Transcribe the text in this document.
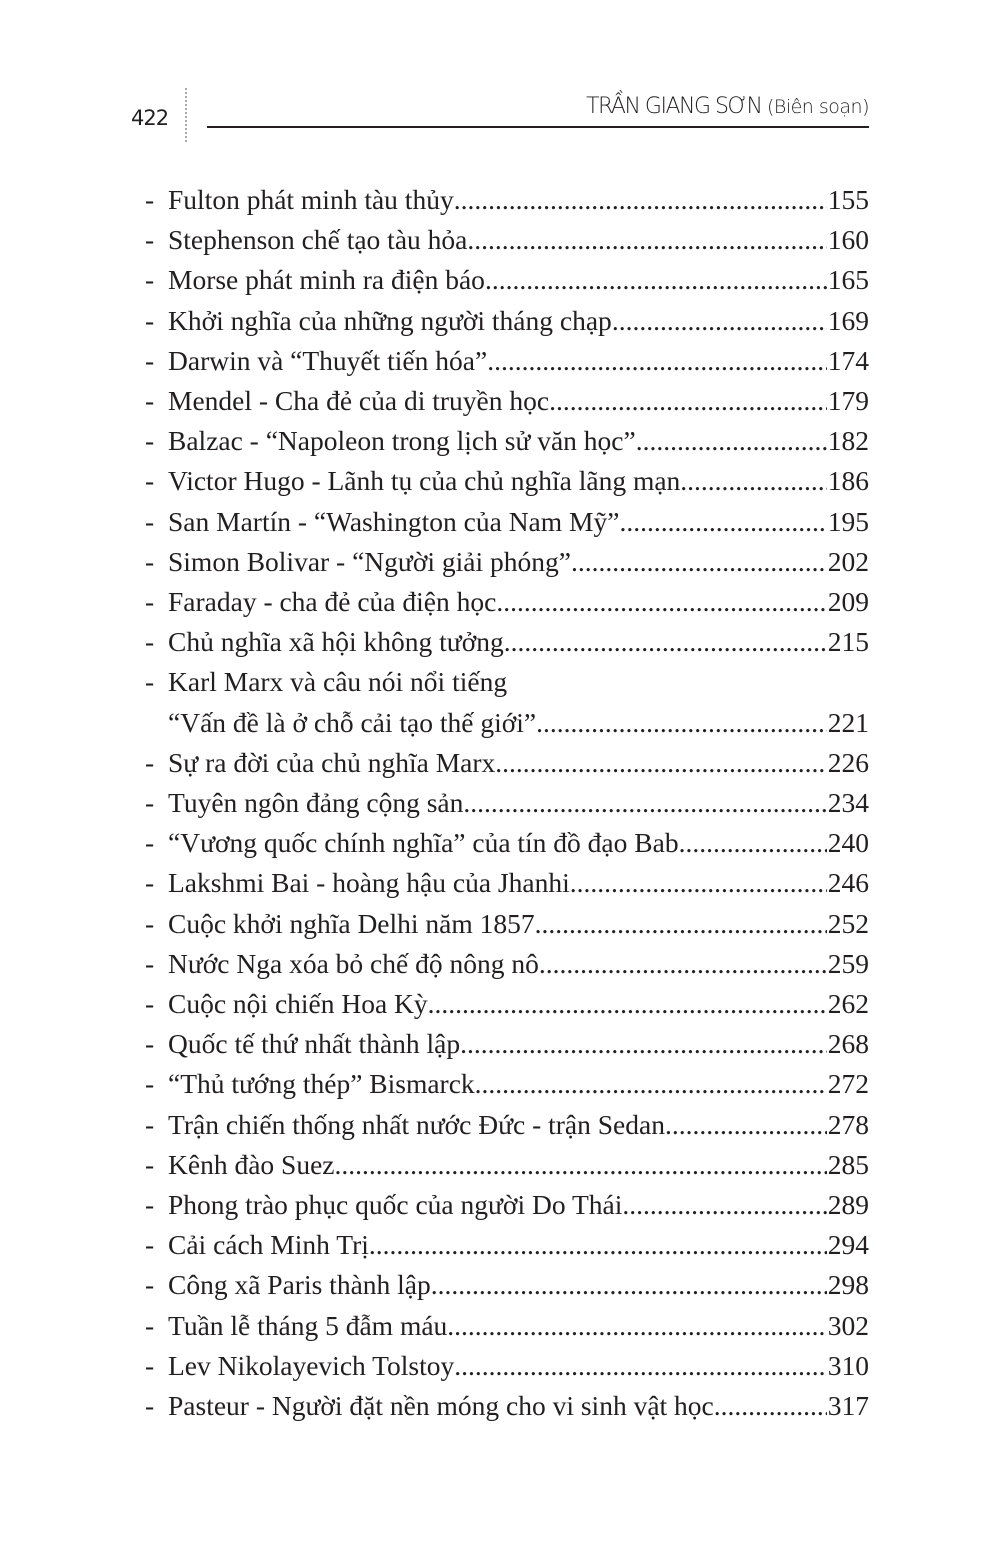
422	TRẦN GIANG SƠN (Biên soạn)
- Fulton phát minh tàu thủy .....	155
- Stephenson chế tạo tàu hỏa .....	160
- Morse phát minh ra điện báo .....	165
- Khởi nghĩa của những người tháng chạp .....	169
- Darwin và “Thuyết tiến hóa” .....	174
- Mendel - Cha đẻ của di truyền học .....	179
- Balzac - “Napoleon trong lịch sử văn học” .....	182
- Victor Hugo - Lãnh tụ của chủ nghĩa lãng mạn .....	186
- San Martín - “Washington của Nam Mỹ” .....	195
- Simon Bolivar - “Người giải phóng” .....	202
- Faraday - cha đẻ của điện học .....	209
- Chủ nghĩa xã hội không tưởng .....	215
- Karl Marx và câu nói nổi tiếng
“Vấn đề là ở chỗ cải tạo thế giới” .....	221
- Sự ra đời của chủ nghĩa Marx .....	226
- Tuyên ngôn đảng cộng sản .....	234
- “Vương quốc chính nghĩa” của tín đồ đạo Bab .....	240
- Lakshmi Bai - hoàng hậu của Jhanhi .....	246
- Cuộc khởi nghĩa Delhi năm 1857 .....	252
- Nước Nga xóa bỏ chế độ nông nô .....	259
- Cuộc nội chiến Hoa Kỳ .....	262
- Quốc tế thứ nhất thành lập .....	268
- “Thủ tướng thép” Bismarck .....	272
- Trận chiến thống nhất nước Đức - trận Sedan .....	278
- Kênh đào Suez .....	285
- Phong trào phục quốc của người Do Thái .....	289
- Cải cách Minh Trị .....	294
- Công xã Paris thành lập .....	298
- Tuần lễ tháng 5 đẫm máu .....	302
- Lev Nikolayevich Tolstoy .....	310
- Pasteur - Người đặt nền móng cho vi sinh vật học .....	317
